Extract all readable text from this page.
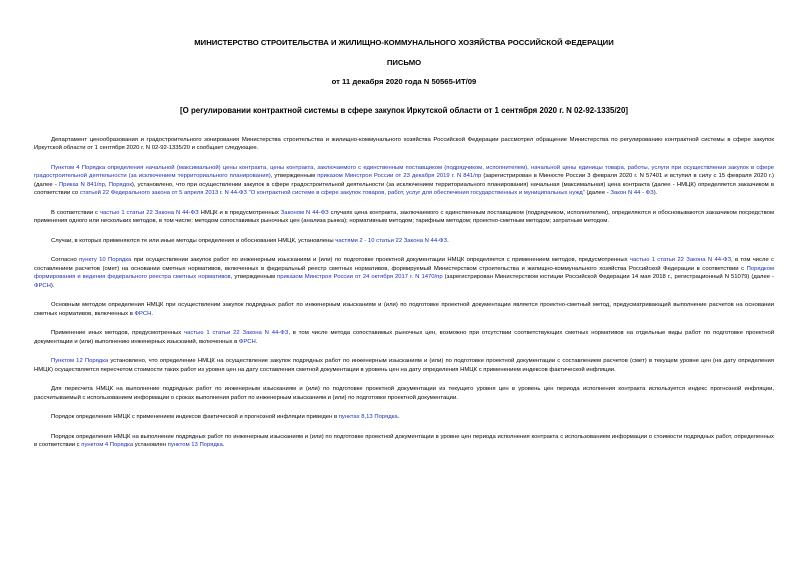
МИНИСТЕРСТВО СТРОИТЕЛЬСТВА И ЖИЛИЩНО-КОММУНАЛЬНОГО ХОЗЯЙСТВА РОССИЙСКОЙ ФЕДЕРАЦИИ

ПИСЬМО

от 11 декабря 2020 года N 50565-ИТ/09

[О регулировании контрактной системы в сфере закупок Иркутской области от 1 сентября 2020 г. N 02-92-1335/20]

Департамент ценообразования и градостроительного зонирования Министерства строительства и жилищно-коммунального хозяйства Российской Федерации рассмотрел обращение Министерства по регулированию контрактной системы в сфере закупок Иркутской области от 1 сентября 2020 г. N 02-92-1335/20 и сообщает следующее.

Пунктом 4 Порядка определения начальной (максимальной) цены контракта, цены контракта, заключаемого с единственным поставщиком (подрядчиком, исполнителем), начальной цены единицы товара, работы, услуги при осуществлении закупок в сфере градостроительной деятельности (за исключением территориального планирования), утвержденным приказом Минстроя России от 23 декабря 2019 г. N 841/пр (зарегистрирован в Минюсте России 3 февраля 2020 г. N 57401 и вступил в силу с 15 февраля 2020 г.) (далее - Приказ N 841/пр, Порядок), установлено, что при осуществлении закупок в сфере градостроительной деятельности (за исключением территориального планирования) начальная (максимальная) цена контракта (далее - НМЦК) определяется заказчиком в соответствии со статьей 22 Федерального закона от 5 апреля 2013 г. N 44-ФЗ "О контрактной системе в сфере закупок товаров, работ, услуг для обеспечения государственных и муниципальных нужд" (далее - Закон N 44 - ФЗ).

В соответствии с частью 1 статьи 22 Закона N 44-ФЗ НМЦК и в предусмотренных Законом N 44-ФЗ случаях цена контракта, заключаемого с единственным поставщиком (подрядчиком, исполнителем), определяются и обосновываются заказчиком посредством применения одного или нескольких методов, в том числе: методом сопоставимых рыночных цен (анализа рынка); нормативным методом; тарифным методом; проектно-сметным методом; затратным методом.

Случаи, в которых применяются те или иные методы определения и обоснования НМЦК, установлены частями 2 - 10 статьи 22 Закона N 44-ФЗ.

Согласно пункту 10 Порядка при осуществлении закупок работ по инженерным изысканиям и (или) по подготовке проектной документации НМЦК определяется с применением методов, предусмотренных частью 1 статьи 22 Закона N 44-ФЗ, в том числе с составлением расчетов (смет) на основании сметных нормативов, включенных в федеральный реестр сметных нормативов, формируемый Министерством строительства и жилищно-коммунального хозяйства Российской Федерации в соответствии с Порядком формирования и ведения федерального реестра сметных нормативов, утвержденным приказом Минстроя России от 24 октября 2017 г. N 1470/пр (зарегистрирован Министерством юстиции Российской Федерации 14 мая 2018 г., регистрационный N 51079) (далее - ФРСН).

Основным методом определения НМЦК при осуществлении закупок подрядных работ по инженерным изысканиям и (или) по подготовке проектной документации является проектно-сметный метод, предусматривающий выполнение расчетов на основании сметных нормативов, включенных в ФРСН.

Применение иных методов, предусмотренных частью 1 статьи 22 Закона N 44-ФЗ, в том числе метода сопоставимых рыночных цен, возможно при отсутствии соответствующих сметных нормативов на отдельные виды работ по подготовке проектной документации и (или) выполнению инженерных изысканий, включенных в ФРСН.

Пунктом 12 Порядка установлено, что определение НМЦК на осуществление закупок подрядных работ по инженерным изысканиям и (или) по подготовке проектной документации с составлением расчетов (смет) в текущем уровне цен (на дату определения НМЦК) осуществляется пересчетом стоимости таких работ из уровня цен на дату составления сметной документации в уровень цен на дату определения НМЦК с применением индексов фактической инфляции.

Для пересчета НМЦК на выполнение подрядных работ по инженерным изысканиям и (или) по подготовке проектной документации из текущего уровня цен в уровень цен периода исполнения контракта используется индекс прогнозной инфляции, рассчитываемый с использованием информации о сроках выполнения работ по инженерным изысканиям и (или) по подготовке проектной документации.

Порядок определения НМЦК с применением индексов фактической и прогнозной инфляции приведен в пунктах 8,13 Порядка.

Порядок определения НМЦК на выполнение подрядных работ по инженерным изысканиям и (или) по подготовке проектной документации в уровне цен периода исполнения контракта с использованием информации о стоимости подрядных работ, определенных в соответствии с пунктом 4 Порядка установлен пунктом 13 Порядка.
